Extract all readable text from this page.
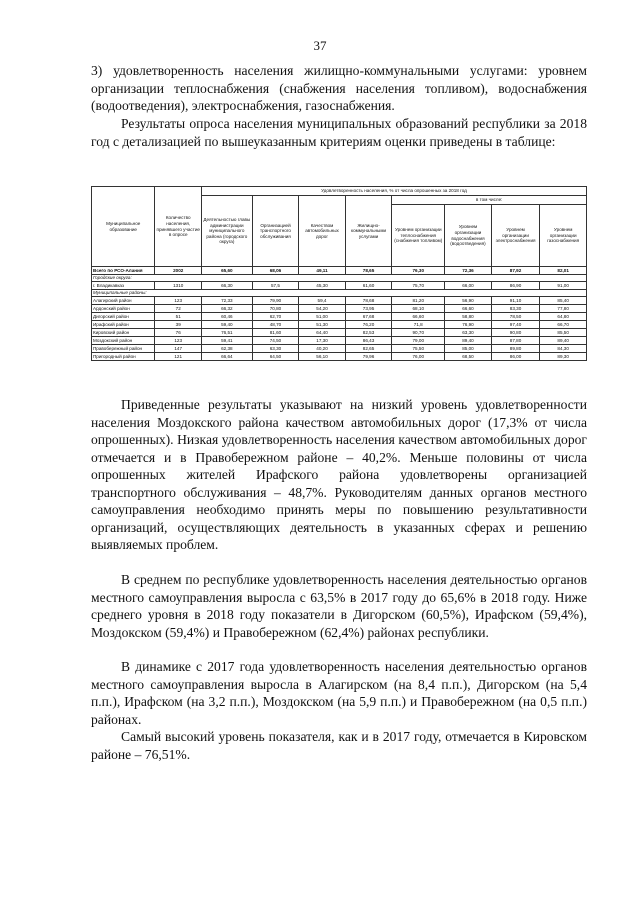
37

3) удовлетворенность населения жилищно-коммунальными услугами: уровнем организации теплоснабжения (снабжения населения топливом), водоснабжения (водоотведения), электроснабжения, газоснабжения.

Результаты опроса населения муниципальных образований республики за 2018 год с детализацией по вышеуказанным критериям оценки приведены в таблице:

Муниципальное образование	Количество населения, принявшего участие в опросе	Удовлетворенность населения, % от числа опрошенных за 2018 год							
		Деятельностью главы администрации муниципального района (городского округа)	Организацией транспортного обслуживания	Качеством автомобильных дорог	Жилищно-коммунальными услугами	в том числе:			
						Уровнем организации теплоснабжения (снабжения топливом)	Уровнем организации водоснабжения (водоотведения)	Уровнем организации электроснабжения	Уровнем организации газоснабжения
Всего по РСО-Алания	2002	65,60	68,06	49,11	78,65	76,30	72,36	87,92	82,01
Городские округа:									
г. Владикавказ	1310	66,30	57,5	45,30	61,60	75,70	66,00	86,90	91,00
Муниципальные районы:									
Алагирский район	123	72,33	79,90	59,4	78,68	81,20	56,90	91,10	85,40
Ардонский район	72	66,32	70,80	54,20	73,95	68,10	66,60	83,30	77,80
Дигорский район	51	60,46	62,70	51,00	67,68	66,60	58,80	78,50	64,80
Ирафский район	39	59,40	48,70	51,30	76,20	71,8	76,90	97,40	66,70
Кировский район	76	76,51	81,60	64,40	82,53	90,70	63,30	90,80	85,50
Моздокский район	123	59,41	74,50	17,30	86,43	79,00	89,40	87,80	89,40
Правобережный район	147	62,38	63,30	40,20	82,65	75,50	85,00	89,80	84,30
Пригородный район	121	66,64	64,50	56,10	79,96	76,00	68,50	86,00	89,30

Приведенные результаты указывают на низкий уровень удовлетворенности населения Моздокского района качеством автомобильных дорог (17,3% от числа опрошенных). Низкая удовлетворенность населения качеством автомобильных дорог отмечается и в Правобережном районе – 40,2%. Меньше половины от числа опрошенных жителей Ирафского района удовлетворены организацией транспортного обслуживания – 48,7%. Руководителям данных органов местного самоуправления необходимо принять меры по повышению результативности организаций, осуществляющих деятельность в указанных сферах и решению выявляемых проблем.

В среднем по республике удовлетворенность населения деятельностью органов местного самоуправления выросла с 63,5% в 2017 году до 65,6% в 2018 году. Ниже среднего уровня в 2018 году показатели в Дигорском (60,5%), Ирафском (59,4%), Моздокском (59,4%) и Правобережном (62,4%) районах республики.

В динамике с 2017 года удовлетворенность населения деятельностью органов местного самоуправления выросла в Алагирском (на 8,4 п.п.), Дигорском (на 5,4 п.п.), Ирафском (на 3,2 п.п.), Моздокском (на 5,9 п.п.) и Правобережном (на 0,5 п.п.) районах.

Самый высокий уровень показателя, как и в 2017 году, отмечается в Кировском районе – 76,51%.
